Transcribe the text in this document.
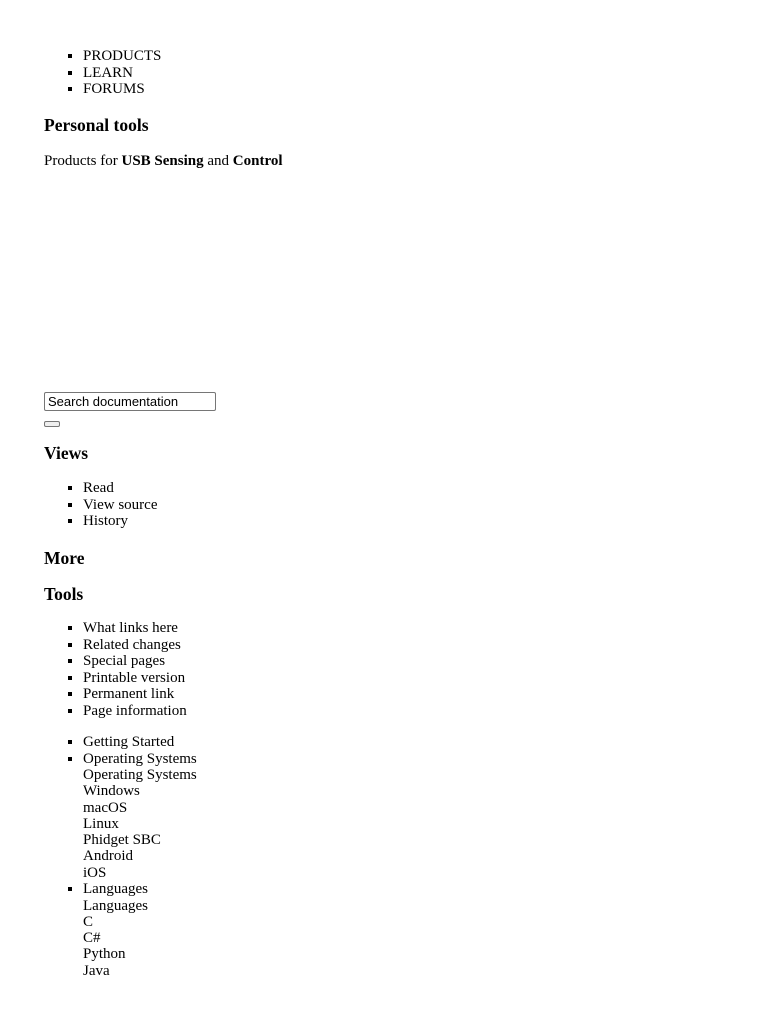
▪ PRODUCTS
▪ LEARN
▪ FORUMS
Personal tools

Products for USB Sensing and Control

Search documentation
Views
▪ Read
▪ View source
▪ History
More
Tools
▪ What links here
▪ Related changes
▪ Special pages
▪ Printable version
▪ Permanent link
▪ Page information
▪ Getting Started
▪ Operating Systems
Operating Systems
Windows
macOS
Linux
Phidget SBC
Android
iOS
▪ Languages
Languages
C
C#
Python
Java
